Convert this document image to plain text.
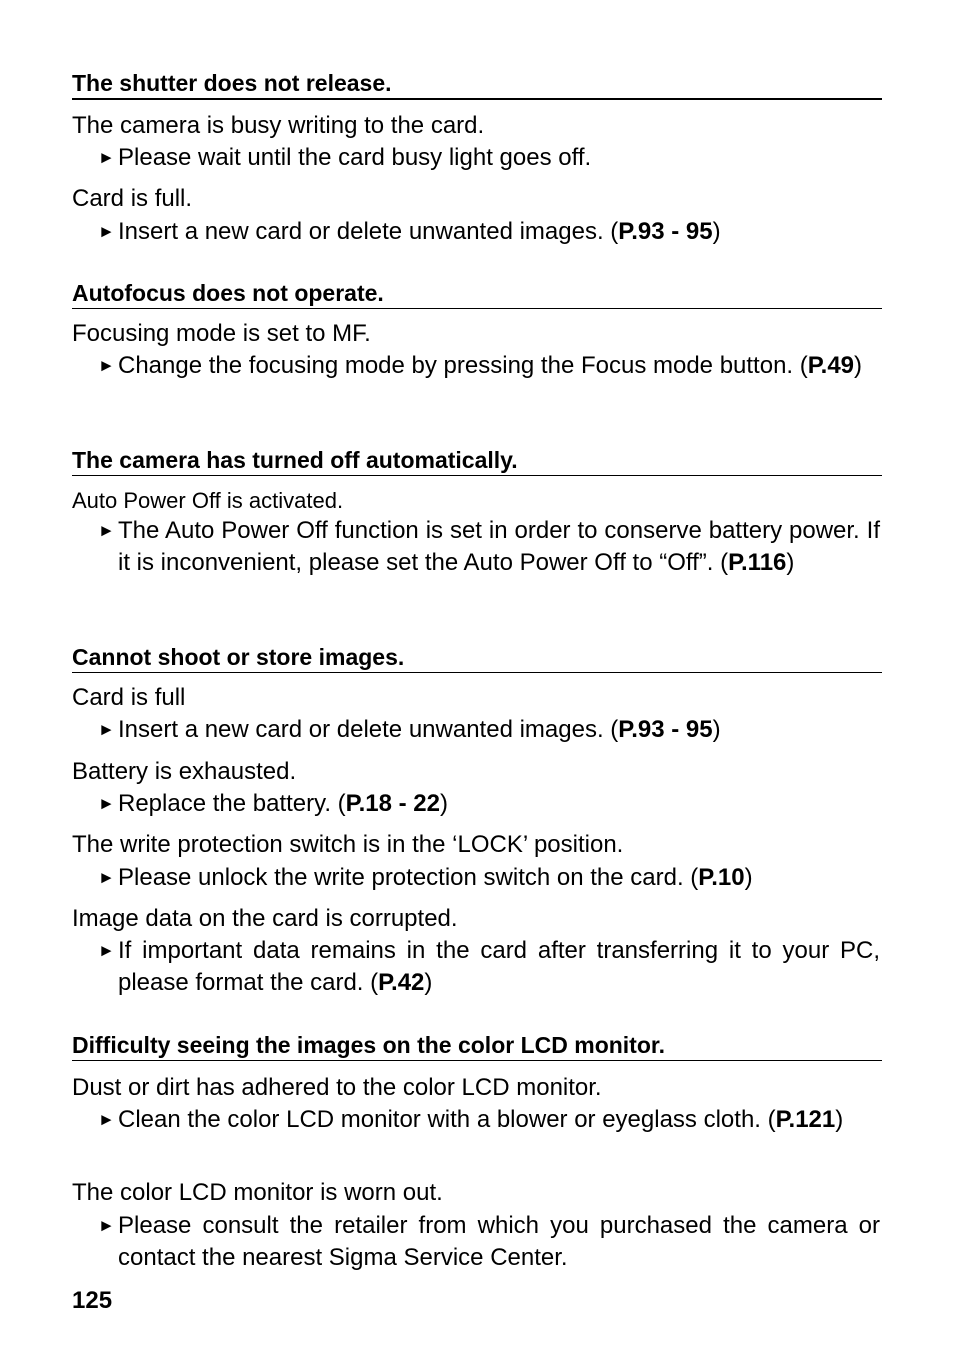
The shutter does not release.
The camera is busy writing to the card.
► Please wait until the card busy light goes off.
Card is full.
► Insert a new card or delete unwanted images. (P.93 - 95)
Autofocus does not operate.
Focusing mode is set to MF.
► Change the focusing mode by pressing the Focus mode button. (P.49)
The camera has turned off automatically.
Auto Power Off is activated.
► The Auto Power Off function is set in order to conserve battery power. If it is inconvenient, please set the Auto Power Off to “Off”. (P.116)
Cannot shoot or store images.
Card is full
► Insert a new card or delete unwanted images. (P.93 - 95)
Battery is exhausted.
► Replace the battery. (P.18 - 22)
The write protection switch is in the ‘LOCK’ position.
► Please unlock the write protection switch on the card. (P.10)
Image data on the card is corrupted.
► If important data remains in the card after transferring it to your PC, please format the card. (P.42)
Difficulty seeing the images on the color LCD monitor.
Dust or dirt has adhered to the color LCD monitor.
► Clean the color LCD monitor with a blower or eyeglass cloth. (P.121)
The color LCD monitor is worn out.
► Please consult the retailer from which you purchased the camera or contact the nearest Sigma Service Center.
125
